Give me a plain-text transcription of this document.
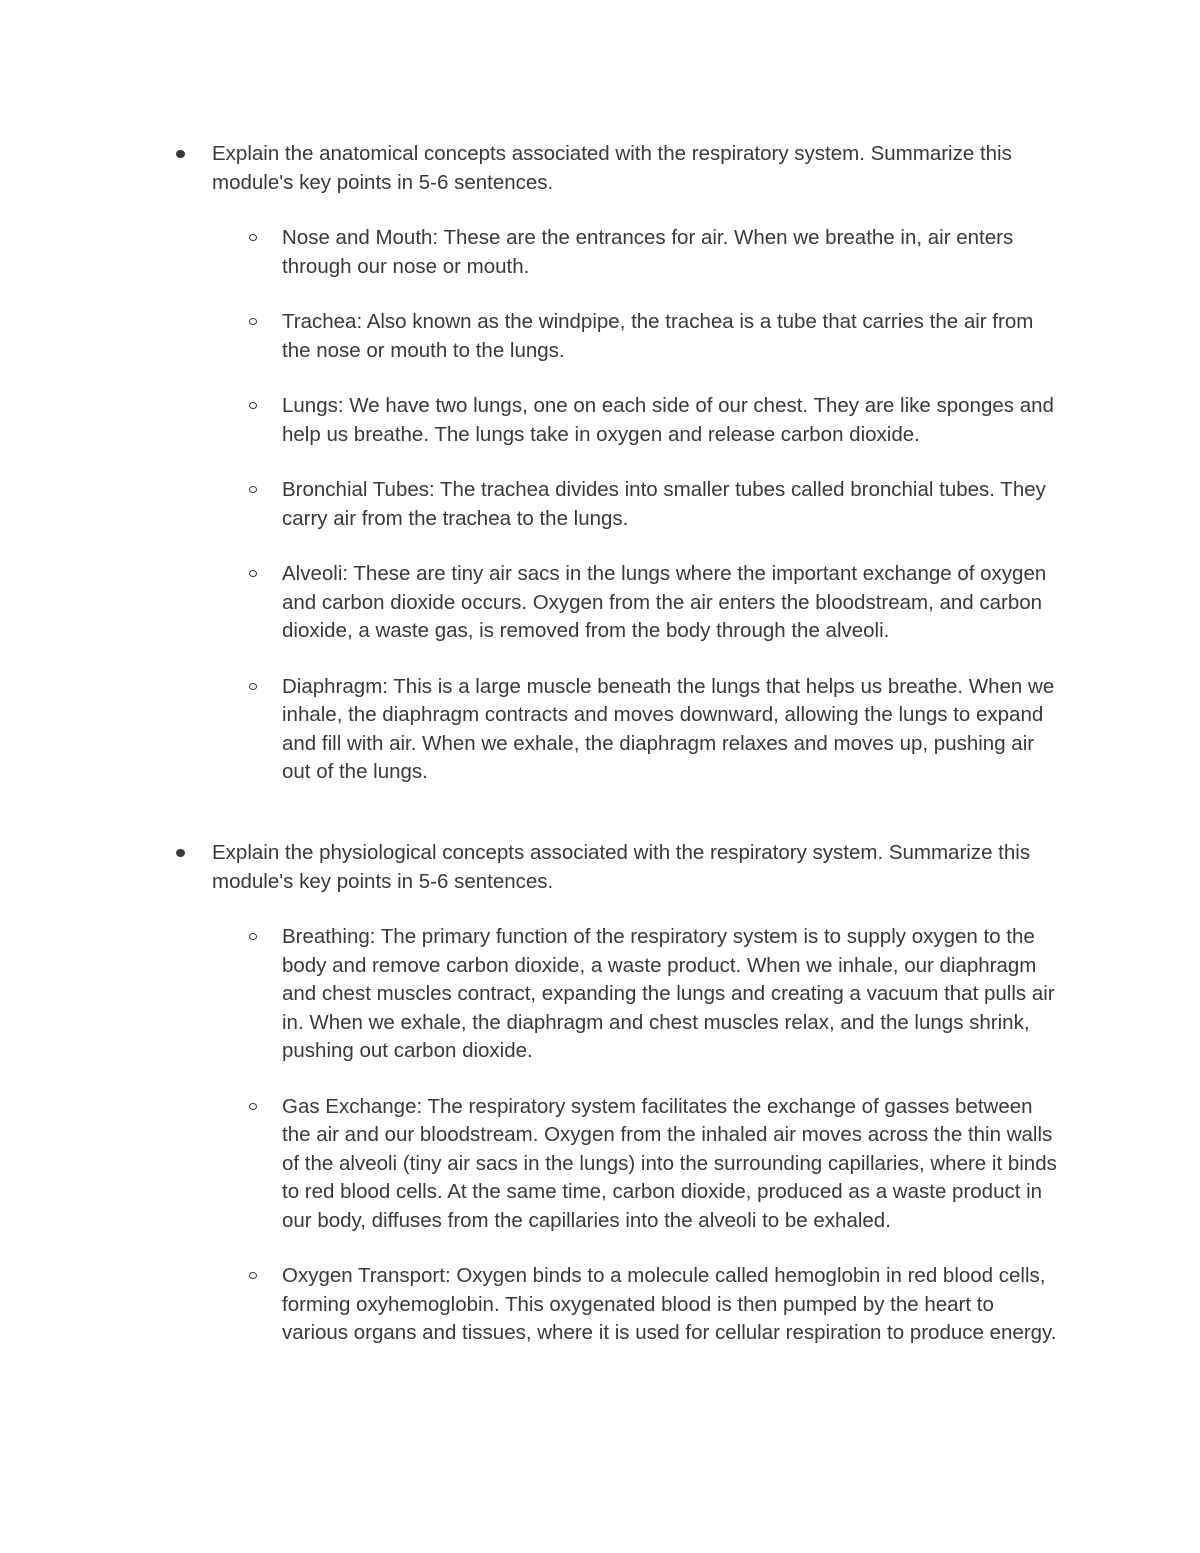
Explain the anatomical concepts associated with the respiratory system. Summarize this module's key points in 5-6 sentences.
Nose and Mouth: These are the entrances for air. When we breathe in, air enters through our nose or mouth.
Trachea: Also known as the windpipe, the trachea is a tube that carries the air from the nose or mouth to the lungs.
Lungs: We have two lungs, one on each side of our chest. They are like sponges and help us breathe. The lungs take in oxygen and release carbon dioxide.
Bronchial Tubes: The trachea divides into smaller tubes called bronchial tubes. They carry air from the trachea to the lungs.
Alveoli: These are tiny air sacs in the lungs where the important exchange of oxygen and carbon dioxide occurs. Oxygen from the air enters the bloodstream, and carbon dioxide, a waste gas, is removed from the body through the alveoli.
Diaphragm: This is a large muscle beneath the lungs that helps us breathe. When we inhale, the diaphragm contracts and moves downward, allowing the lungs to expand and fill with air. When we exhale, the diaphragm relaxes and moves up, pushing air out of the lungs.
Explain the physiological concepts associated with the respiratory system. Summarize this module's key points in 5-6 sentences.
Breathing: The primary function of the respiratory system is to supply oxygen to the body and remove carbon dioxide, a waste product. When we inhale, our diaphragm and chest muscles contract, expanding the lungs and creating a vacuum that pulls air in. When we exhale, the diaphragm and chest muscles relax, and the lungs shrink, pushing out carbon dioxide.
Gas Exchange: The respiratory system facilitates the exchange of gasses between the air and our bloodstream. Oxygen from the inhaled air moves across the thin walls of the alveoli (tiny air sacs in the lungs) into the surrounding capillaries, where it binds to red blood cells. At the same time, carbon dioxide, produced as a waste product in our body, diffuses from the capillaries into the alveoli to be exhaled.
Oxygen Transport: Oxygen binds to a molecule called hemoglobin in red blood cells, forming oxyhemoglobin. This oxygenated blood is then pumped by the heart to various organs and tissues, where it is used for cellular respiration to produce energy.
